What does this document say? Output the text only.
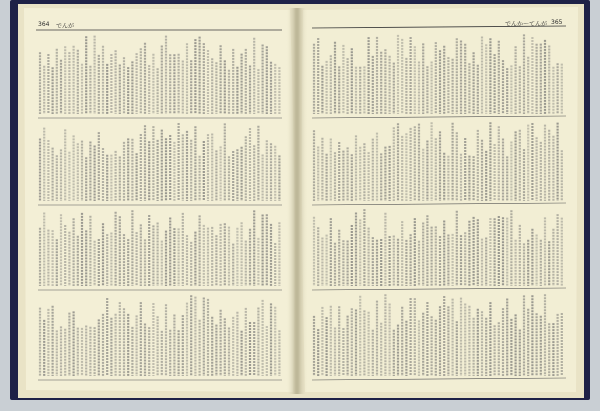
364 でんが	でんか～てんが 365
